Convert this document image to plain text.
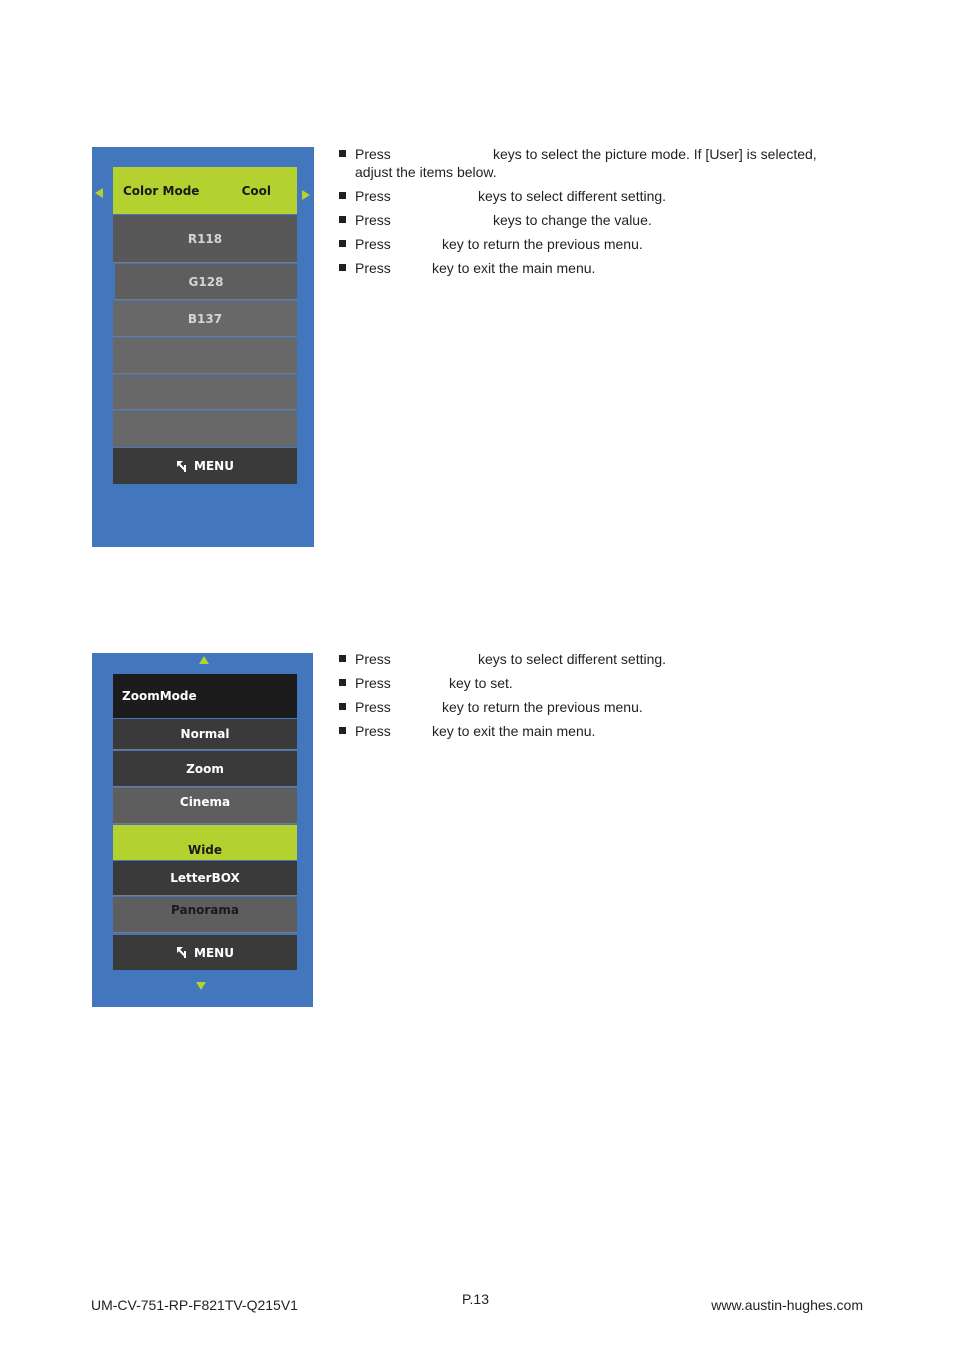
Color Mode	Cool
R118
G128
B137
MENU
Press	keys to select the picture mode. If [User] is selected,
adjust the items below.
Press	keys to select different setting.
Press	keys to change the value.
Press	key to return the previous menu.
Press	key to exit the main menu.
ZoomMode
Normal
Zoom
Cinema
Wide
LetterBOX
Panorama
MENU
Press	keys to select different setting.
Press	key to set.
Press	key to return the previous menu.
Press	key to exit the main menu.
UM-CV-751-RP-F821TV-Q215V1	P.13	www.austin-hughes.com
